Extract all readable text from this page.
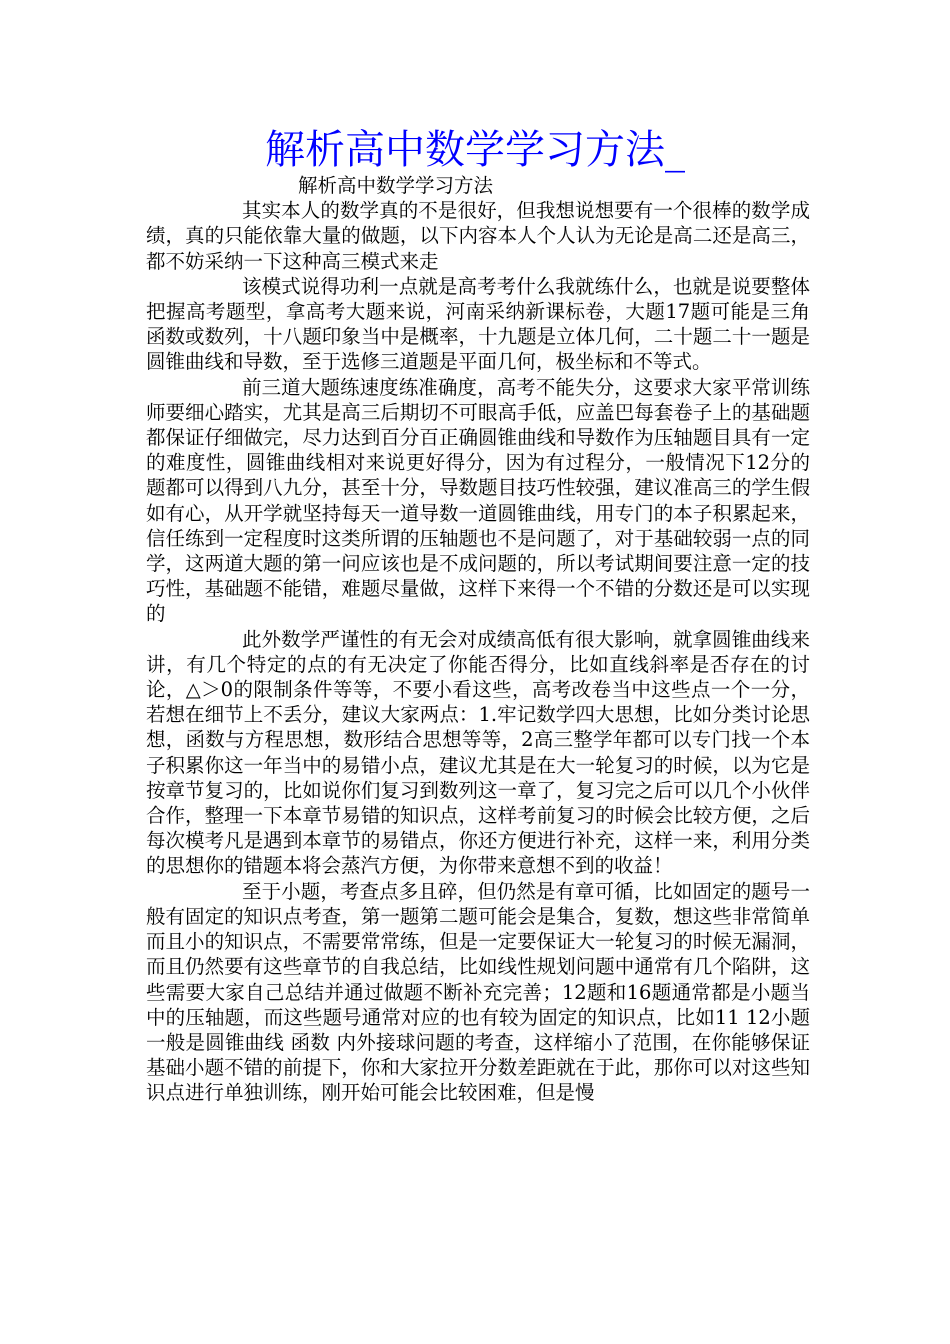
解析高中数学学习方法_

解析高中数学学习方法

其实本人的数学真的不是很好，但我想说想要有一个很棒的数学成绩，真的只能依靠大量的做题，以下内容本人个人认为无论是高二还是高三，都不妨采纳一下这种高三模式来走

该模式说得功利一点就是高考考什么我就练什么，也就是说要整体把握高考题型，拿高考大题来说，河南采纳新课标卷，大题17题可能是三角函数或数列，十八题印象当中是概率，十九题是立体几何，二十题二十一题是圆锥曲线和导数，至于选修三道题是平面几何，极坐标和不等式。

前三道大题练速度练准确度，高考不能失分，这要求大家平常训练师要细心踏实，尤其是高三后期切不可眼高手低，应盖巴每套卷子上的基础题都保证仔细做完，尽力达到百分百正确圆锥曲线和导数作为压轴题目具有一定的难度性，圆锥曲线相对来说更好得分，因为有过程分，一般情况下12分的题都可以得到八九分，甚至十分，导数题目技巧性较强，建议准高三的学生假如有心，从开学就坚持每天一道导数一道圆锥曲线，用专门的本子积累起来，信任练到一定程度时这类所谓的压轴题也不是问题了，对于基础较弱一点的同学，这两道大题的第一问应该也是不成问题的，所以考试期间要注意一定的技巧性，基础题不能错，难题尽量做，这样下来得一个不错的分数还是可以实现的

此外数学严谨性的有无会对成绩高低有很大影响，就拿圆锥曲线来讲，有几个特定的点的有无决定了你能否得分，比如直线斜率是否存在的讨论，△＞0的限制条件等等，不要小看这些，高考改卷当中这些点一个一分，若想在细节上不丢分，建议大家两点：1.牢记数学四大思想，比如分类讨论思想，函数与方程思想，数形结合思想等等，2高三整学年都可以专门找一个本子积累你这一年当中的易错小点，建议尤其是在大一轮复习的时候，以为它是按章节复习的，比如说你们复习到数列这一章了，复习完之后可以几个小伙伴合作，整理一下本章节易错的知识点，这样考前复习的时候会比较方便，之后每次模考凡是遇到本章节的易错点，你还方便进行补充，这样一来，利用分类的思想你的错题本将会蒸汽方便，为你带来意想不到的收益！

至于小题，考查点多且碎，但仍然是有章可循，比如固定的题号一般有固定的知识点考查，第一题第二题可能会是集合，复数，想这些非常简单而且小的知识点，不需要常常练，但是一定要保证大一轮复习的时候无漏洞，而且仍然要有这些章节的自我总结，比如线性规划问题中通常有几个陷阱，这些需要大家自己总结并通过做题不断补充完善；12题和16题通常都是小题当中的压轴题，而这些题号通常对应的也有较为固定的知识点，比如11 12小题一般是圆锥曲线 函数 内外接球问题的考查，这样缩小了范围，在你能够保证基础小题不错的前提下，你和大家拉开分数差距就在于此，那你可以对这些知识点进行单独训练，刚开始可能会比较困难，但是慢
